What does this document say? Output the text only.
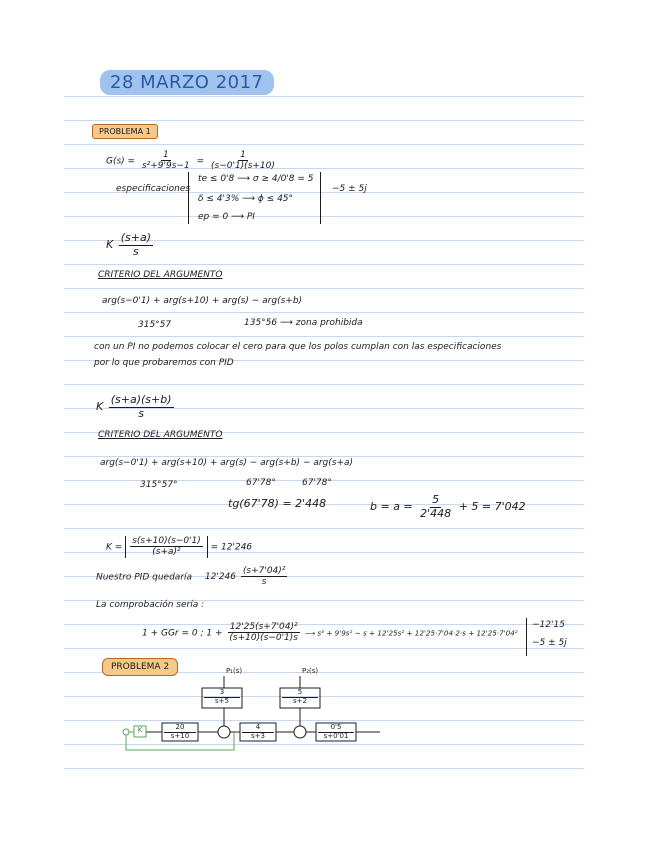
28 MARZO 2017
PROBLEMA 1
$G(s) = \frac{1}{\text{s²+9'9s−1}} = \frac{1}{(s-0'1)(s+10)}$
especificaciones
te ≤ 0'8 ⟶ σ ≥ 4/0'8 = 5
δ ≤ 4'3% ⟶ ϕ ≤ 45°
ep = 0 ⟶ PI
−5 ± 5j
K $\frac{(s+a)}{s}$
CRITERIO DEL ARGUMENTO
arg(s−0'1) + arg(s+10) + arg(s) − arg(s+b)
315°57	135°56 ⟶ zona prohibida
con un PI no podemos colocar el cero para que los polos cumplan con las especificaciones
por lo que probaremos con PID
K $\frac{(s+a)(s+b)}{s}$
CRITERIO DEL ARGUMENTO
arg(s−0'1) + arg(s+10) + arg(s) − arg(s+b) − arg(s+a)
315°57°	67'78°	67'78°
tg(67'78) = 2'448	$b = a = \frac{5}{2'448} + 5 = 7'042$
$K = \frac{s(s+10)(s-0'1)}{\text{(s+a)²}} = 12'246$
Nuestro PID quedaría $12'246 \frac{\text{(s+7'04)²}}{s}$
La comprobación sería :
1 + GGr = 0 ; $1 + \frac{\text{12'25(s+7'04)²}}{(s+10)(s-0'1)s}$ ⟶ s³ + 9'9s² − s + 12'25s² + 12'25·7'04·2·s + 12'25·7'04²
−12'15
−5 ± 5j
PROBLEMA 2	P₁(s)	P₂(s)
$\frac{3}{s+5}$	$\frac{5}{s+2}$
K	$\frac{20}{s+10}$	$\frac{4}{s+3}$	$\frac{0'5}{s+0'01}$
